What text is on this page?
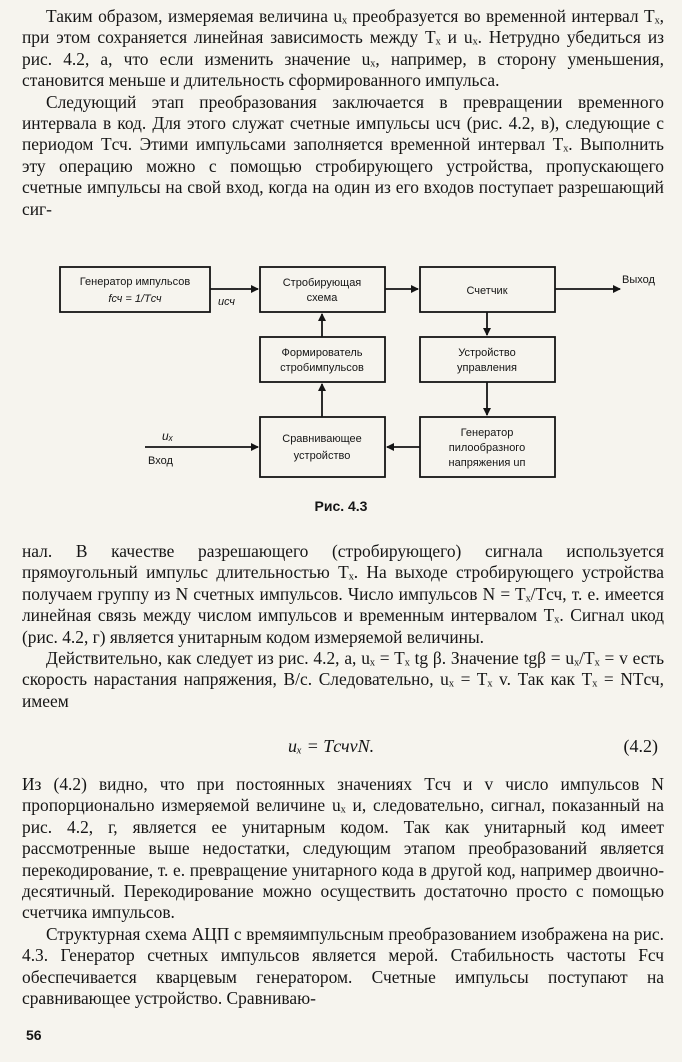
Таким образом, измеряемая величина uₓ преобразуется во временной интервал Tₓ, при этом сохраняется линейная зависимость между Tₓ и uₓ. Нетрудно убедиться из рис. 4.2, а, что если изменить значение uₓ, например, в сторону уменьшения, становится меньше и длительность сформированного импульса.

Следующий этап преобразования заключается в превращении временного интервала в код. Для этого служат счетные импульсы uсч (рис. 4.2, в), следующие с периодом Tсч. Этими импульсами заполняется временной интервал Tₓ. Выполнить эту операцию можно с помощью стробирующего устройства, пропускающего счетные импульсы на свой вход, когда на один из его входов поступает разрешающий сиг-

Генератор импульсов
fсч = 1/Tсч	uсч
Стробирующая
схема
Счетчик
Выход
Формирователь
стробимпульсов
Устройство
управления
Сравнивающее
устройство
Генератор
пилообразного
напряжения uп
uₓ
Вход
Рис. 4.3

нал. В качестве разрешающего (стробирующего) сигнала используется прямоугольный импульс длительностью Tₓ. На выходе стробирующего устройства получаем группу из N счетных импульсов. Число импульсов N = Tₓ/Tсч, т. е. имеется линейная связь между числом импульсов и временным интервалом Tₓ. Сигнал uкод (рис. 4.2, г) является унитарным кодом измеряемой величины.

Действительно, как следует из рис. 4.2, а, uₓ = Tₓ tg β. Значение tgβ = uₓ/Tₓ = v есть скорость нарастания напряжения, В/с. Следовательно, uₓ = Tₓ v. Так как Tₓ = NTсч, имеем

uₓ = TсчvN.	(4.2)

Из (4.2) видно, что при постоянных значениях Tсч и v число импульсов N пропорционально измеряемой величине uₓ и, следовательно, сигнал, показанный на рис. 4.2, г, является ее унитарным кодом. Так как унитарный код имеет рассмотренные выше недостатки, следующим этапом преобразований является перекодирование, т. е. превращение унитарного кода в другой код, например двоично-десятичный. Перекодирование можно осуществить достаточно просто с помощью счетчика импульсов.

Структурная схема АЦП с времяимпульсным преобразованием изображена на рис. 4.3. Генератор счетных импульсов является мерой. Стабильность частоты Fсч обеспечивается кварцевым генератором. Счетные импульсы поступают на сравнивающее устройство. Сравниваю-

56
